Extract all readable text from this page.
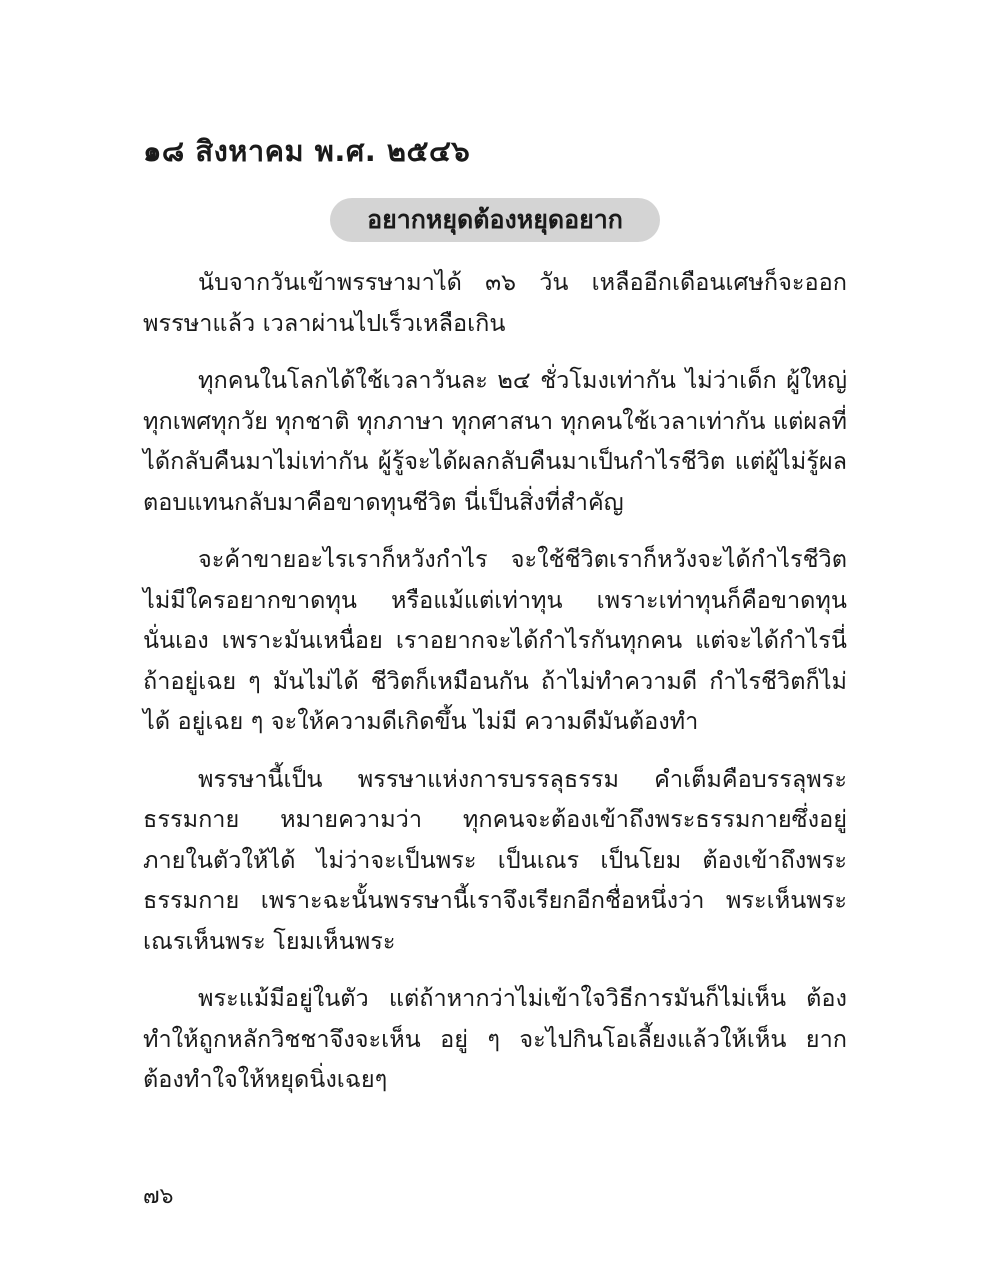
๑๘ สิงหาคม พ.ศ. ๒๕๔๖
อยากหยุดต้องหยุดอยาก

นับจากวันเข้าพรรษามาได้ ๓๖ วัน เหลืออีกเดือนเศษก็จะออกพรรษาแล้ว เวลาผ่านไปเร็วเหลือเกิน

ทุกคนในโลกได้ใช้เวลาวันละ ๒๔ ชั่วโมงเท่ากัน ไม่ว่าเด็ก ผู้ใหญ่ ทุกเพศทุกวัย ทุกชาติ ทุกภาษา ทุกศาสนา ทุกคนใช้เวลาเท่ากัน แต่ผลที่ได้กลับคืนมาไม่เท่ากัน ผู้รู้จะได้ผลกลับคืนมาเป็นกำไรชีวิต แต่ผู้ไม่รู้ผลตอบแทนกลับมาคือขาดทุนชีวิต นี่เป็นสิ่งที่สำคัญ

จะค้าขายอะไรเราก็หวังกำไร จะใช้ชีวิตเราก็หวังจะได้กำไรชีวิต ไม่มีใครอยากขาดทุน หรือแม้แต่เท่าทุน เพราะเท่าทุนก็คือขาดทุนนั่นเอง เพราะมันเหนื่อย เราอยากจะได้กำไรกันทุกคน แต่จะได้กำไรนี่ ถ้าอยู่เฉย ๆ มันไม่ได้ ชีวิตก็เหมือนกัน ถ้าไม่ทำความดี กำไรชีวิตก็ไม่ได้ อยู่เฉย ๆ จะให้ความดีเกิดขึ้น ไม่มี ความดีมันต้องทำ

พรรษานี้เป็น พรรษาแห่งการบรรลุธรรม คำเต็มคือบรรลุพระธรรมกาย หมายความว่า ทุกคนจะต้องเข้าถึงพระธรรมกายซึ่งอยู่ภายในตัวให้ได้ ไม่ว่าจะเป็นพระ เป็นเณร เป็นโยม ต้องเข้าถึงพระธรรมกาย เพราะฉะนั้นพรรษานี้เราจึงเรียกอีกชื่อหนึ่งว่า พระเห็นพระ เณรเห็นพระ โยมเห็นพระ

พระแม้มีอยู่ในตัว แต่ถ้าหากว่าไม่เข้าใจวิธีการมันก็ไม่เห็น ต้องทำให้ถูกหลักวิชชาจึงจะเห็น อยู่ ๆ จะไปกินโอเลี้ยงแล้วให้เห็น ยาก ต้องทำใจให้หยุดนิ่งเฉยๆ

๗๖
